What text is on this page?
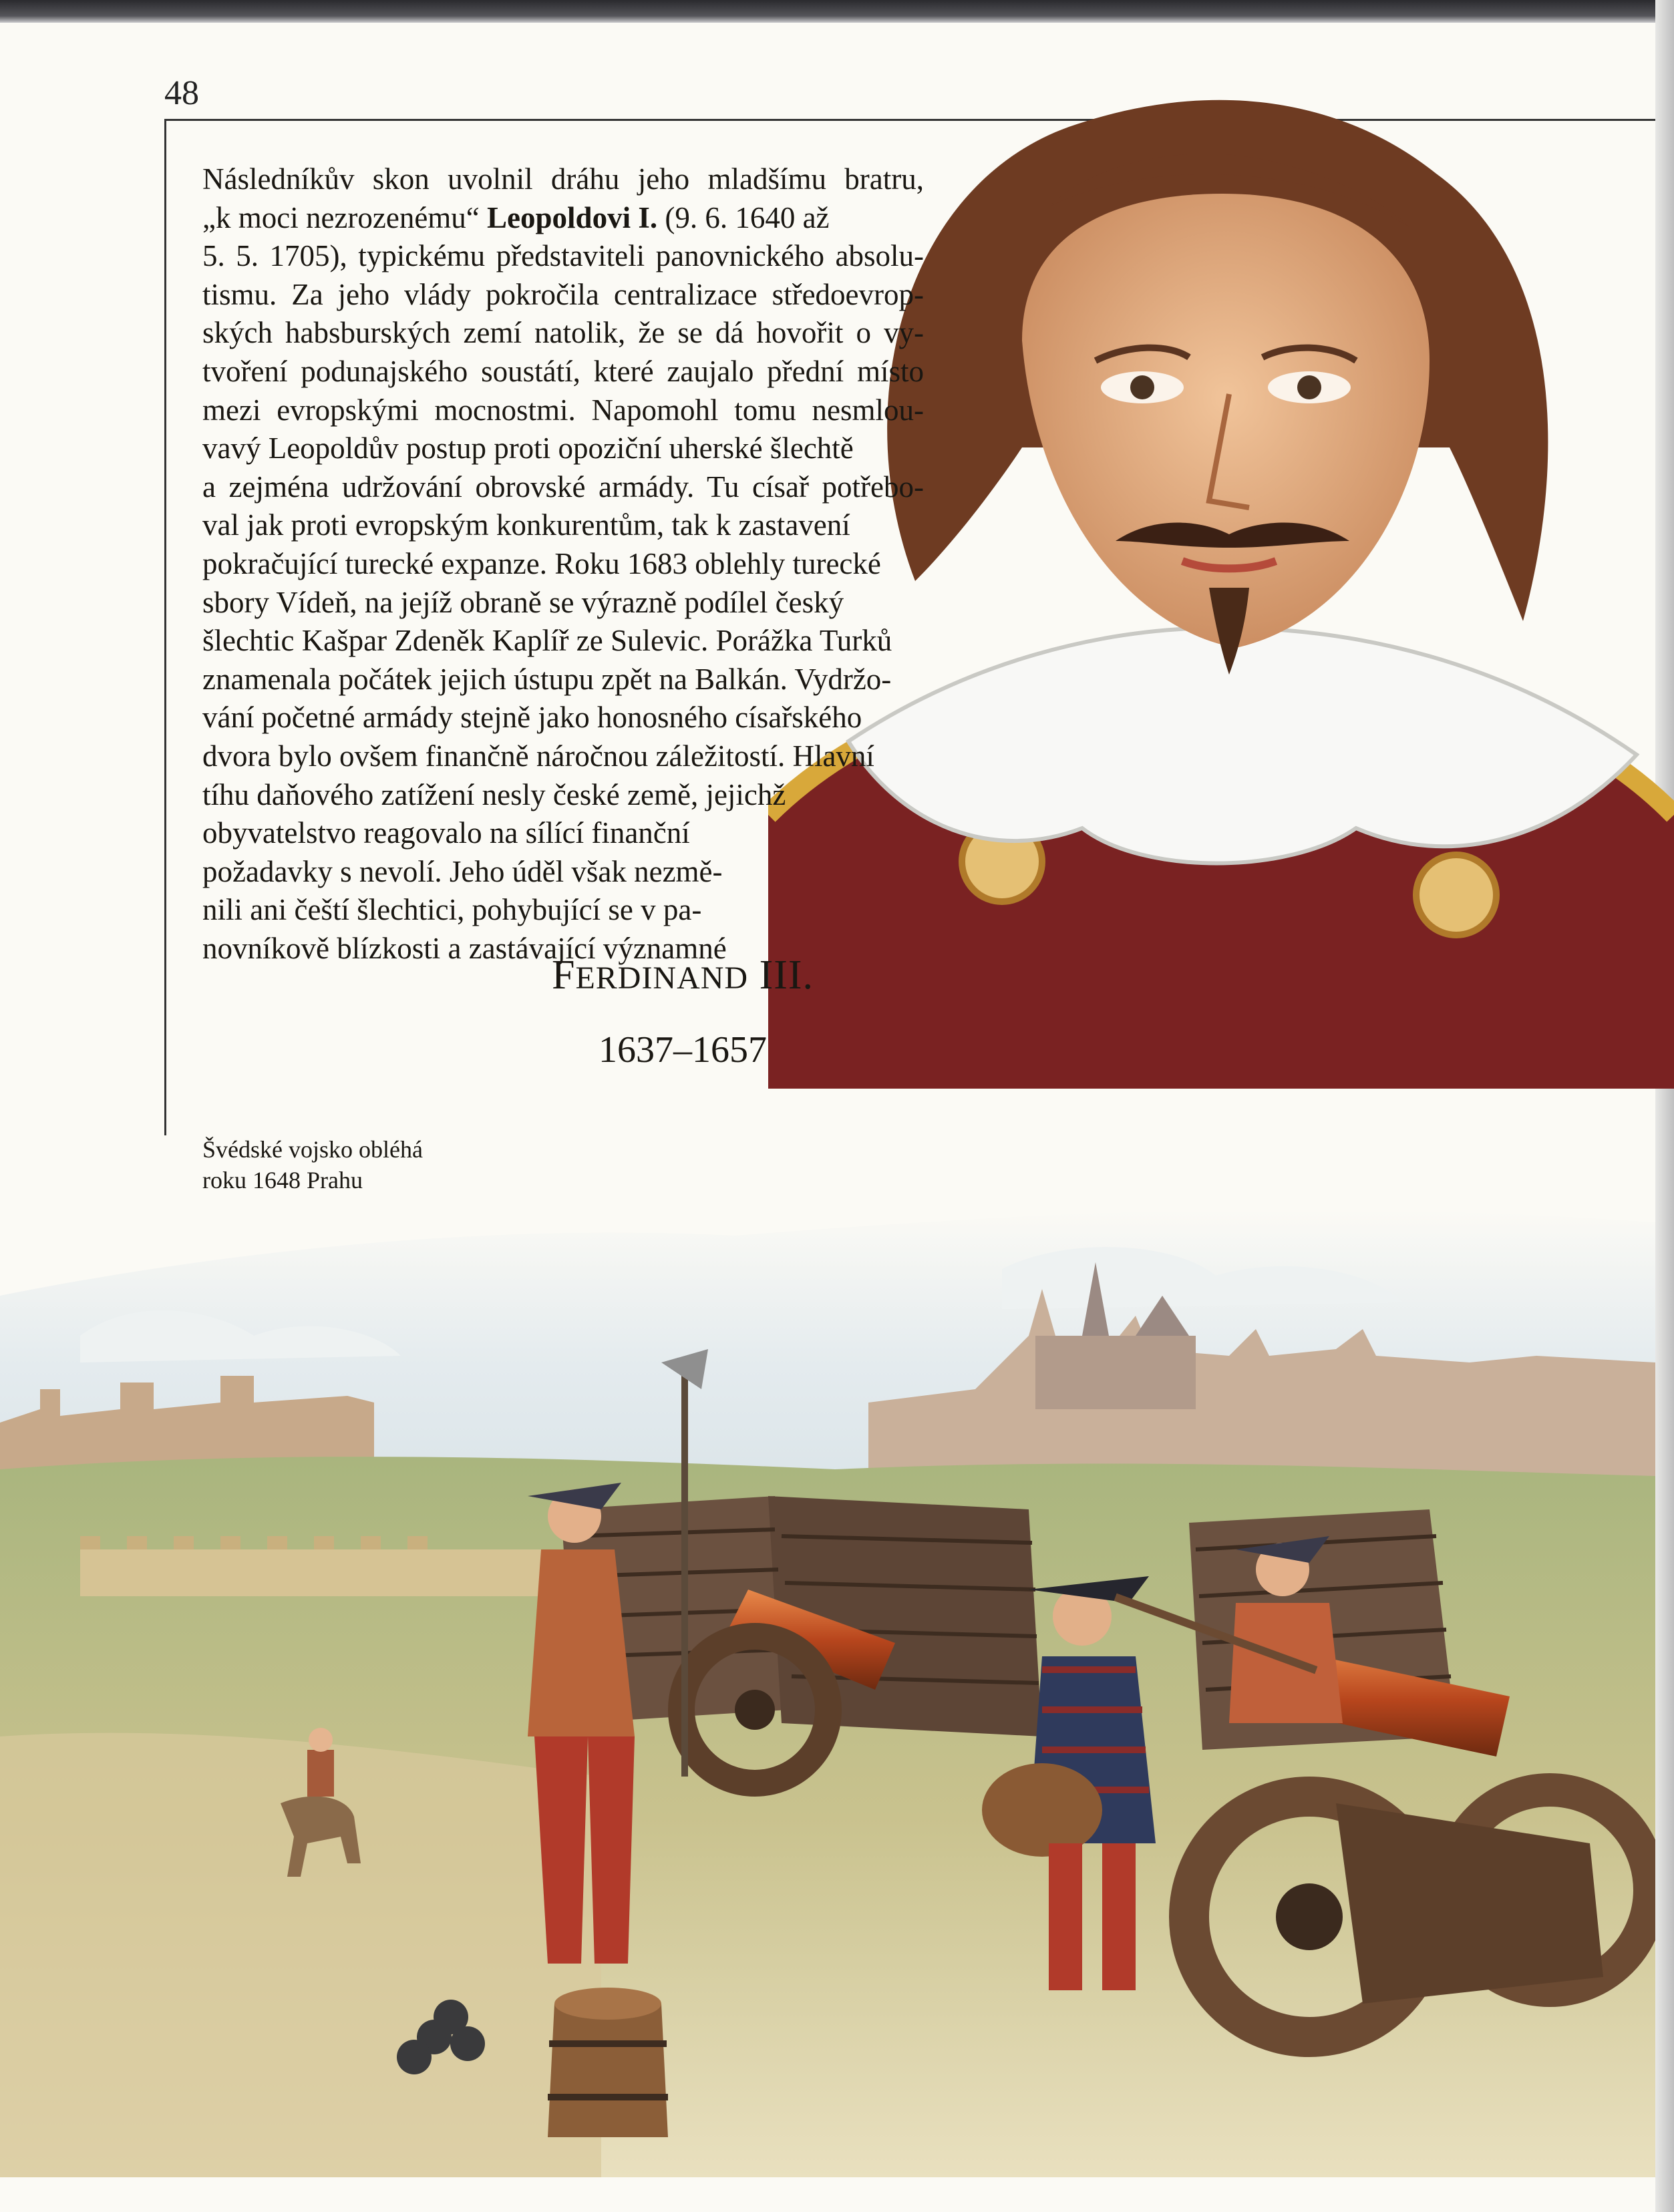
48

Následníkův skon uvolnil dráhu jeho mladšímu bratru,
„k moci nezrozenému“ Leopoldovi I. (9. 6. 1640 až
5. 5. 1705), typickému představiteli panovnického absolu-
tismu. Za jeho vlády pokročila centralizace středoevrop-
ských habsburských zemí natolik, že se dá hovořit o vy-
tvoření podunajského soustátí, které zaujalo přední místo
mezi evropskými mocnostmi. Napomohl tomu nesmlou-
vavý Leopoldův postup proti opoziční uherské šlechtě
a zejména udržování obrovské armády. Tu císař potřebo-
val jak proti evropským konkurentům, tak k zastavení
pokračující turecké expanze. Roku 1683 oblehly turecké
sbory Vídeň, na jejíž obraně se výrazně podílel český
šlechtic Kašpar Zdeněk Kaplíř ze Sulevic. Porážka Turků
znamenala počátek jejich ústupu zpět na Balkán. Vydržo-
vání početné armády stejně jako honosného císařského
dvora bylo ovšem finančně náročnou záležitostí. Hlavní
tíhu daňového zatížení nesly české země, jejichž
obyvatelstvo reagovalo na sílící finanční
požadavky s nevolí. Jeho úděl však nezmě-
nili ani čeští šlechtici, pohybující se v pa-
novníkově blízkosti a zastávající významné

FERDINAND III.
1637–1657

Švédské vojsko obléhá
roku 1648 Prahu
